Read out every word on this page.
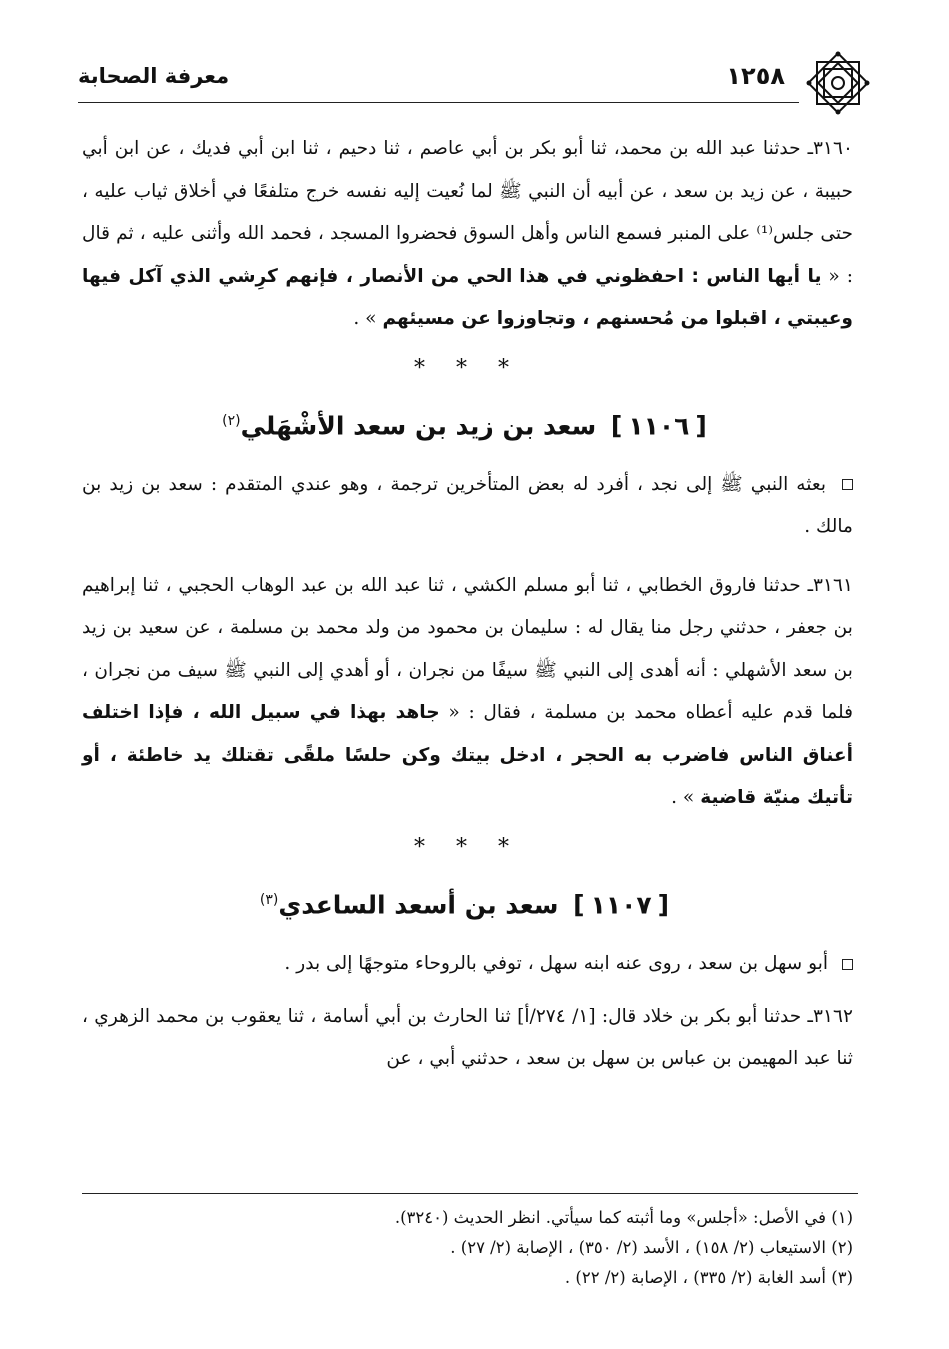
١٢٥٨
معرفة الصحابة

٣١٦٠ـ حدثنا عبد الله بن محمد، ثنا أبو بكر بن أبي عاصم ، ثنا دحيم ، ثنا ابن أبي فديك ، عن ابن أبي حبيبة ، عن زيد بن سعد ، عن أبيه أن النبي ﷺ لما نُعيت إليه نفسه خرج متلفعًا في أخلاق ثياب عليه ، حتى جلس⁽¹⁾ على المنبر فسمع الناس وأهل السوق فحضروا المسجد ، فحمد الله وأثنى عليه ، ثم قال : « يا أيها الناس : احفظوني في هذا الحي من الأنصار ، فإنهم كرِشي الذي آكل فيها وعيبتي ، اقبلوا من مُحسنهم ، وتجاوزوا عن مسيئهم » .

* * *
[١١٠٦] سعد بن زيد بن سعد الأشْهَلي$^{(٢)}$

بعثه النبي ﷺ إلى نجد ، أفرد له بعض المتأخرين ترجمة ، وهو عندي المتقدم : سعد بن زيد بن مالك .

٣١٦١ـ حدثنا فاروق الخطابي ، ثنا أبو مسلم الكشي ، ثنا عبد الله بن عبد الوهاب الحجبي ، ثنا إبراهيم بن جعفر ، حدثني رجل منا يقال له : سليمان بن محمود من ولد محمد بن مسلمة ، عن سعيد بن زيد بن سعد الأشهلي : أنه أهدى إلى النبي ﷺ سيفًا من نجران ، أو أهدي إلى النبي ﷺ سيف من نجران ، فلما قدم عليه أعطاه محمد بن مسلمة ، فقال : « جاهد بهذا في سبيل الله ، فإذا اختلف أعناق الناس فاضرب به الحجر ، ادخل بيتك وكن حلسًا ملقًى تقتلك يد خاطئة ، أو تأتيك منيّة قاضية » .

* * *
[١١٠٧] سعد بن أسعد الساعدي$^{(٣)}$

أبو سهل بن سعد ، روى عنه ابنه سهل ، توفي بالروحاء متوجهًا إلى بدر .

٣١٦٢ـ حدثنا أبو بكر بن خلاد قال: [١/ ٢٧٤/أ] ثنا الحارث بن أبي أسامة ، ثنا يعقوب بن محمد الزهري ، ثنا عبد المهيمن بن عباس بن سهل بن سعد ، حدثني أبي ، عن

(١) في الأصل: «أجلس» وما أثبته كما سيأتي. انظر الحديث (٣٢٤٠).

(٢) الاستيعاب (٢/ ١٥٨) ، الأسد (٢/ ٣٥٠) ، الإصابة (٢/ ٢٧) .

(٣) أسد الغابة (٢/ ٣٣٥) ، الإصابة (٢/ ٢٢) .
